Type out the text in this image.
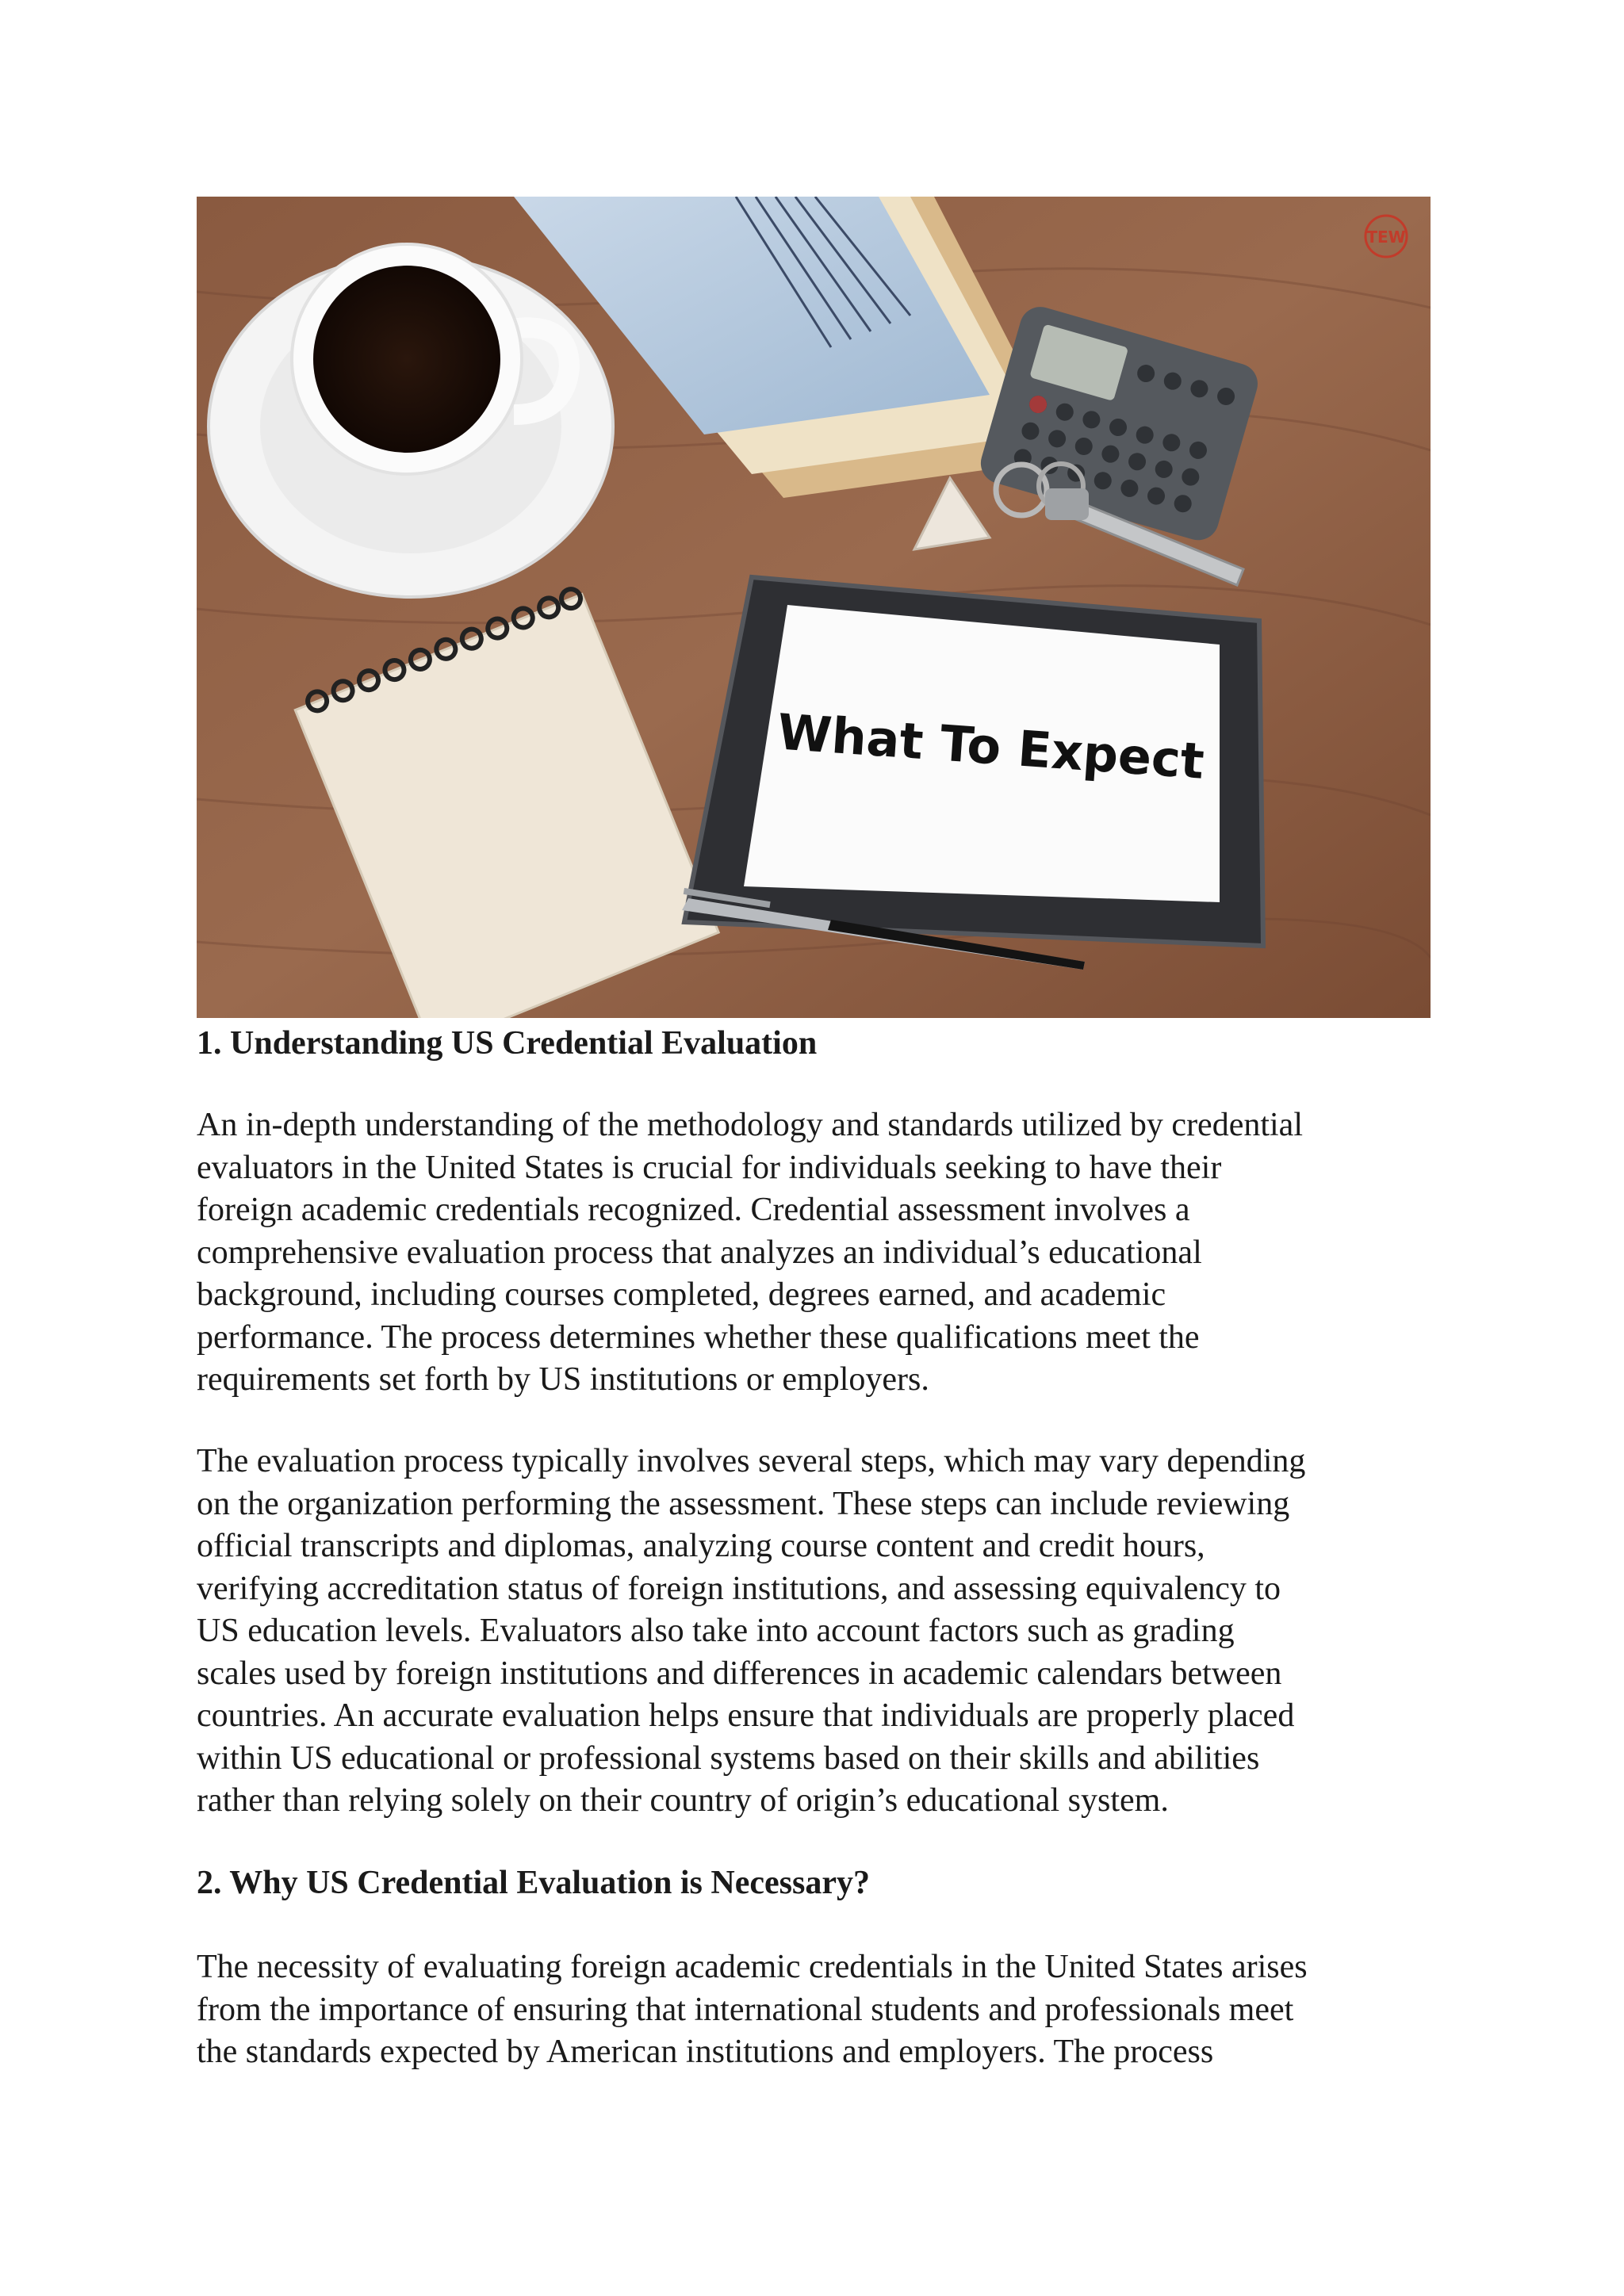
What To Expect
TEW
1. Understanding US Credential Evaluation

An in-depth understanding of the methodology and standards utilized by credential
evaluators in the United States is crucial for individuals seeking to have their
foreign academic credentials recognized. Credential assessment involves a
comprehensive evaluation process that analyzes an individual’s educational
background, including courses completed, degrees earned, and academic
performance. The process determines whether these qualifications meet the
requirements set forth by US institutions or employers.

The evaluation process typically involves several steps, which may vary depending
on the organization performing the assessment. These steps can include reviewing
official transcripts and diplomas, analyzing course content and credit hours,
verifying accreditation status of foreign institutions, and assessing equivalency to
US education levels. Evaluators also take into account factors such as grading
scales used by foreign institutions and differences in academic calendars between
countries. An accurate evaluation helps ensure that individuals are properly placed
within US educational or professional systems based on their skills and abilities
rather than relying solely on their country of origin’s educational system.

2. Why US Credential Evaluation is Necessary?

The necessity of evaluating foreign academic credentials in the United States arises
from the importance of ensuring that international students and professionals meet
the standards expected by American institutions and employers. The process
